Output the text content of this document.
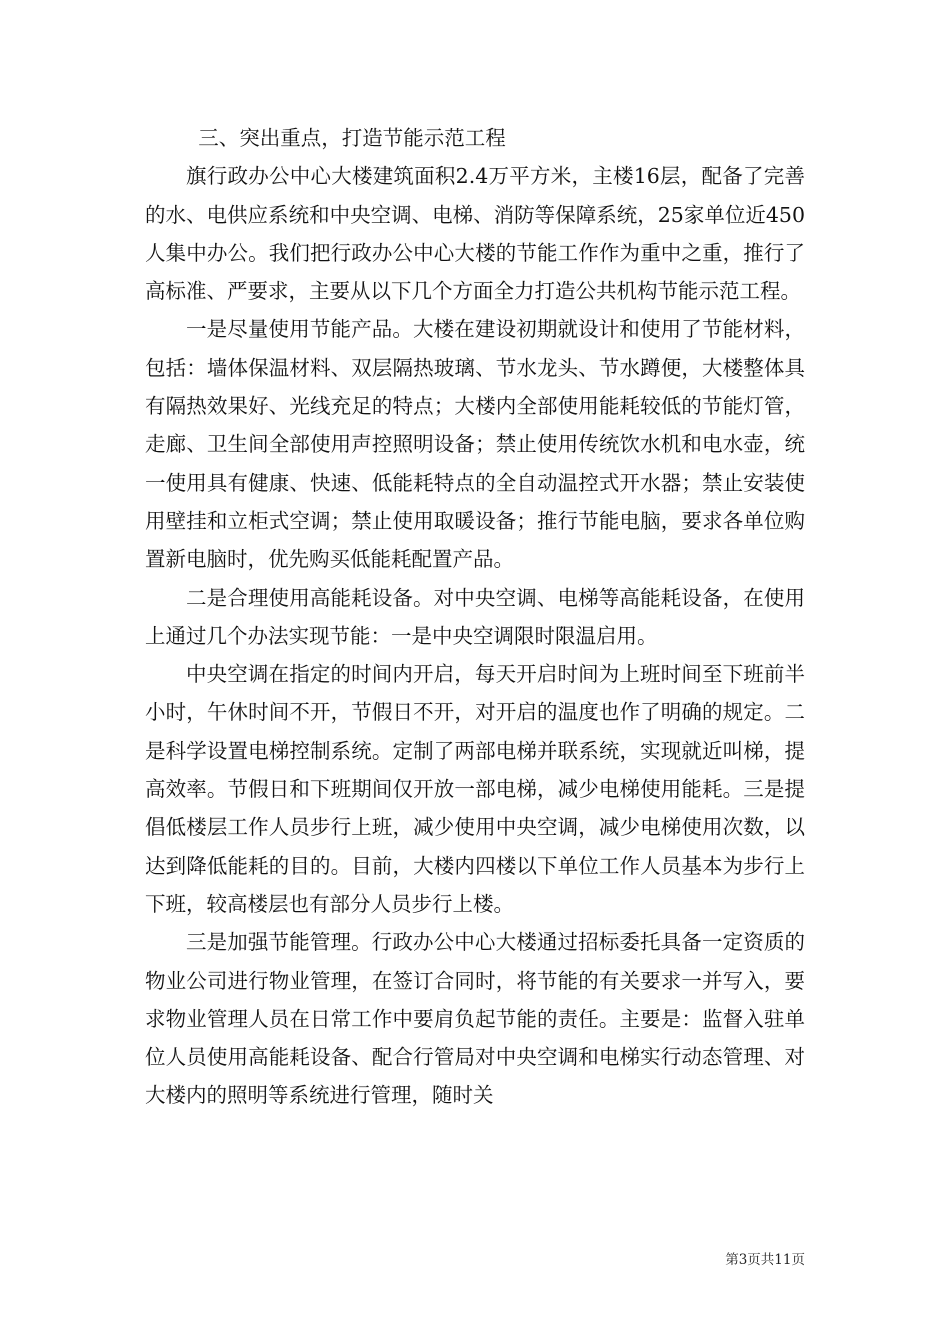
三、突出重点，打造节能示范工程

旗行政办公中心大楼建筑面积2.4万平方米，主楼16层，配备了完善的水、电供应系统和中央空调、电梯、消防等保障系统，25家单位近450人集中办公。我们把行政办公中心大楼的节能工作作为重中之重，推行了高标准、严要求，主要从以下几个方面全力打造公共机构节能示范工程。

一是尽量使用节能产品。大楼在建设初期就设计和使用了节能材料，包括：墙体保温材料、双层隔热玻璃、节水龙头、节水蹲便，大楼整体具有隔热效果好、光线充足的特点；大楼内全部使用能耗较低的节能灯管，走廊、卫生间全部使用声控照明设备；禁止使用传统饮水机和电水壶，统一使用具有健康、快速、低能耗特点的全自动温控式开水器；禁止安装使用壁挂和立柜式空调；禁止使用取暖设备；推行节能电脑，要求各单位购置新电脑时，优先购买低能耗配置产品。

二是合理使用高能耗设备。对中央空调、电梯等高能耗设备，在使用上通过几个办法实现节能：一是中央空调限时限温启用。

中央空调在指定的时间内开启，每天开启时间为上班时间至下班前半小时，午休时间不开，节假日不开，对开启的温度也作了明确的规定。二是科学设置电梯控制系统。定制了两部电梯并联系统，实现就近叫梯，提高效率。节假日和下班期间仅开放一部电梯，减少电梯使用能耗。三是提倡低楼层工作人员步行上班，减少使用中央空调，减少电梯使用次数，以达到降低能耗的目的。目前，大楼内四楼以下单位工作人员基本为步行上下班，较高楼层也有部分人员步行上楼。

三是加强节能管理。行政办公中心大楼通过招标委托具备一定资质的物业公司进行物业管理，在签订合同时，将节能的有关要求一并写入，要求物业管理人员在日常工作中要肩负起节能的责任。主要是：监督入驻单位人员使用高能耗设备、配合行管局对中央空调和电梯实行动态管理、对大楼内的照明等系统进行管理，随时关

第3页共11页
